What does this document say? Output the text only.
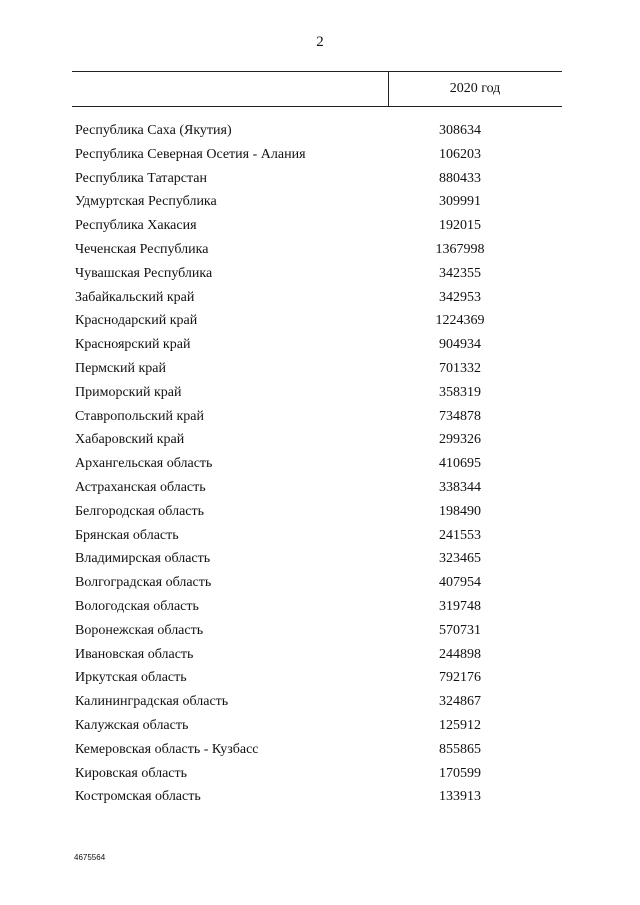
2
2020 год
Республика Саха (Якутия)	308634
Республика Северная Осетия - Алания	106203
Республика Татарстан	880433
Удмуртская Республика	309991
Республика Хакасия	192015
Чеченская Республика	1367998
Чувашская Республика	342355
Забайкальский край	342953
Краснодарский край	1224369
Красноярский край	904934
Пермский край	701332
Приморский край	358319
Ставропольский край	734878
Хабаровский край	299326
Архангельская область	410695
Астраханская область	338344
Белгородская область	198490
Брянская область	241553
Владимирская область	323465
Волгоградская область	407954
Вологодская область	319748
Воронежская область	570731
Ивановская область	244898
Иркутская область	792176
Калининградская область	324867
Калужская область	125912
Кемеровская область - Кузбасс	855865
Кировская область	170599
Костромская область	133913
4675564
